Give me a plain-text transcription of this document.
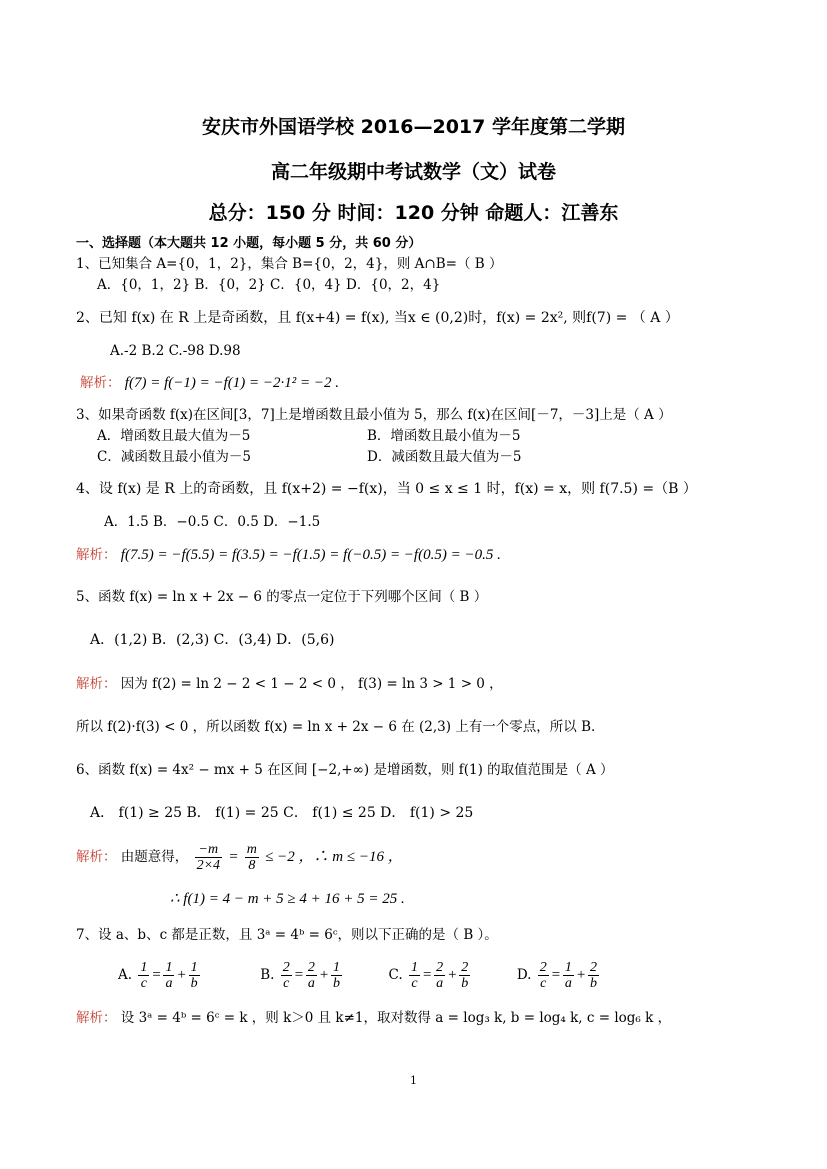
安庆市外国语学校 2016—2017 学年度第二学期
高二年级期中考试数学（文）试卷
总分：150 分 时间：120 分钟 命题人：江善东
一、选择题（本大题共 12 小题，每小题 5 分，共 60 分）
1、已知集合 A={0，1，2}，集合 B={0，2，4}，则 A∩B=（ B ）
A．{0，1，2} B．{0，2} C．{0，4} D．{0，2，4}
2、已知 f(x) 在 R 上是奇函数，且 f(x+4) = f(x), 当x ∈ (0,2)时，f(x) = 2x², 则f(7) = （ A ）
A.-2 B.2 C.-98 D.98
解析： f(7) = f(−1) = −f(1) = −2·1² = −2 .
3、如果奇函数 f(x)在区间[3，7]上是增函数且最小值为 5，那么 f(x)在区间[－7，－3]上是（ A ）
A．增函数且最大值为－5	B．增函数且最小值为－5
C．减函数且最小值为－5	D．减函数且最大值为－5
4、设 f(x) 是 R 上的奇函数，且 f(x+2) = −f(x)，当 0 ≤ x ≤ 1 时，f(x) = x，则 f(7.5) =（B ）
A．1.5 B．−0.5 C．0.5 D．−1.5
解析： f(7.5) = −f(5.5) = f(3.5) = −f(1.5) = f(−0.5) = −f(0.5) = −0.5 .
5、函数 f(x) = ln x + 2x − 6 的零点一定位于下列哪个区间（ B ）
A．(1,2) B．(2,3) C．(3,4) D．(5,6)
解析： 因为 f(2) = ln 2 − 2 < 1 − 2 < 0 ， f(3) = ln 3 > 1 > 0 ，
所以 f(2)·f(3) < 0 ，所以函数 f(x) = ln x + 2x − 6 在 (2,3) 上有一个零点，所以 B.
6、函数 f(x) = 4x² − mx + 5 在区间 [−2,+∞) 是增函数，则 f(1) 的取值范围是（ A ）
A． f(1) ≥ 25 B． f(1) = 25 C． f(1) ≤ 25 D． f(1) > 25
解析： 由题意得， $\frac{-m}{2\times 4} = \frac{m}{8} \le -2$ ，∴ m ≤ −16 ，
∴ f(1) = 4 − m + 5 ≥ 4 + 16 + 5 = 25 .
7、设 a、b、c 都是正数，且 3ᵃ = 4ᵇ = 6ᶜ，则以下正确的是（ B ）。
A. $\frac{1}{c} = \frac{1}{a} + \frac{1}{b}$	B. $\frac{2}{c} = \frac{2}{a} + \frac{1}{b}$	C. $\frac{1}{c} = \frac{2}{a} + \frac{2}{b}$	D. $\frac{2}{c} = \frac{1}{a} + \frac{2}{b}$
解析： 设 3ᵃ = 4ᵇ = 6ᶜ = k ，则 k＞0 且 k≠1，取对数得 a = log₃ k, b = log₄ k, c = log₆ k ，
1
